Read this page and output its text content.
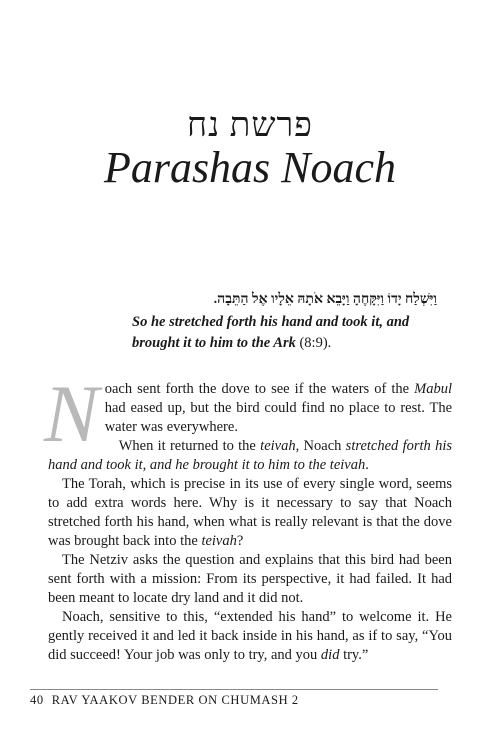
פרשת נח
Parashas Noach
וַיִּשְׁלַח יָדוֹ וַיִּקָּחֶהָ וַיָּבֵא אֹתָהּ אֵלָיו אֶל הַתֵּבָה.
So he stretched forth his hand and took it, and brought it to him to the Ark (8:9).
N oach sent forth the dove to see if the waters of the Mabul had eased up, but the bird could find no place to rest. The water was everywhere.

When it returned to the teivah, Noach stretched forth his hand and took it, and he brought it to him to the teivah.

The Torah, which is precise in its use of every single word, seems to add extra words here. Why is it necessary to say that Noach stretched forth his hand, when what is really relevant is that the dove was brought back into the teivah?

The Netziv asks the question and explains that this bird had been sent forth with a mission: From its perspective, it had failed. It had been meant to locate dry land and it did not.

Noach, sensitive to this, “extended his hand” to welcome it. He gently received it and led it back inside in his hand, as if to say, “You did succeed! Your job was only to try, and you did try.”

40 RAV YAAKOV BENDER ON CHUMASH 2
